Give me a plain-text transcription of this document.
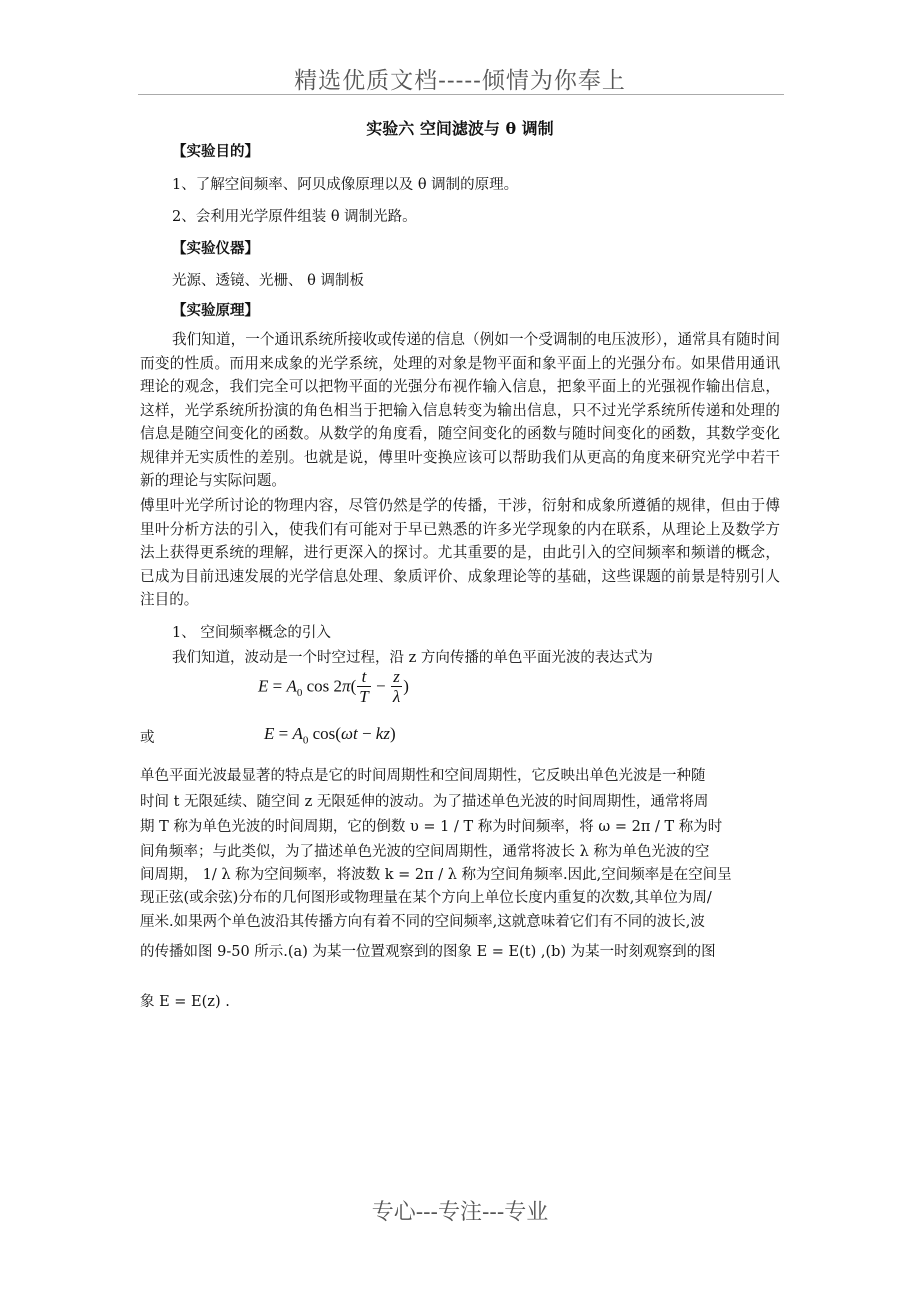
精选优质文档-----倾情为你奉上
实验六 空间滤波与 θ 调制
【实验目的】
1、了解空间频率、阿贝成像原理以及 θ 调制的原理。
2、会利用光学原件组装 θ 调制光路。
【实验仪器】
光源、透镜、光栅、 θ 调制板
【实验原理】
我们知道，一个通讯系统所接收或传递的信息（例如一个受调制的电压波形），通常具有随时间而变的性质。而用来成象的光学系统，处理的对象是物平面和象平面上的光强分布。如果借用通讯理论的观念，我们完全可以把物平面的光强分布视作输入信息，把象平面上的光强视作输出信息，这样，光学系统所扮演的角色相当于把输入信息转变为输出信息，只不过光学系统所传递和处理的信息是随空间变化的函数。从数学的角度看，随空间变化的函数与随时间变化的函数，其数学变化规律并无实质性的差别。也就是说，傅里叶变换应该可以帮助我们从更高的角度来研究光学中若干新的理论与实际问题。
傅里叶光学所讨论的物理内容，尽管仍然是学的传播，干涉，衍射和成象所遵循的规律，但由于傅里叶分析方法的引入，使我们有可能对于早已熟悉的许多光学现象的内在联系，从理论上及数学方法上获得更系统的理解，进行更深入的探讨。尤其重要的是，由此引入的空间频率和频谱的概念，已成为目前迅速发展的光学信息处理、象质评价、成象理论等的基础，这些课题的前景是特别引人注目的。
1、 空间频率概念的引入
我们知道，波动是一个时空过程，沿 z 方向传播的单色平面光波的表达式为
$E = A_0$ $\cos 2\pi( \frac{t}{T} - \frac{z}{\lambda}$ )
或	$E = A_0$ cos(ωt − kz)
单色平面光波最显著的特点是它的时间周期性和空间周期性，它反映出单色光波是一种随
时间 t 无限延续、随空间 z 无限延伸的波动。为了描述单色光波的时间周期性，通常将周
期 T 称为单色光波的时间周期，它的倒数 υ = 1 / T 称为时间频率，将 ω = 2π / T 称为时
间角频率；与此类似，为了描述单色光波的空间周期性，通常将波长 λ 称为单色光波的空
间周期， 1/ λ 称为空间频率，将波数 k = 2π / λ 称为空间角频率.因此,空间频率是在空间呈
现正弦(或余弦)分布的几何图形或物理量在某个方向上单位长度内重复的次数,其单位为周/
厘米.如果两个单色波沿其传播方向有着不同的空间频率,这就意味着它们有不同的波长,波
的传播如图 9-50 所示.(a) 为某一位置观察到的图象 E = E(t) ,(b) 为某一时刻观察到的图
象 E = E(z) .
专心---专注---专业
